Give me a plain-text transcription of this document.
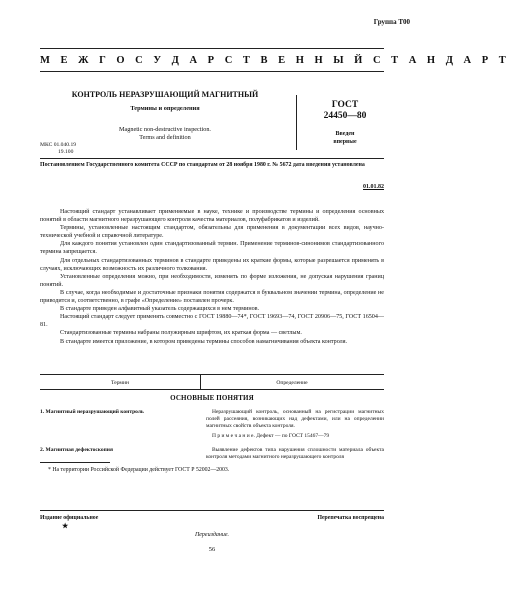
Группа Т00
М Е Ж Г О С У Д А Р С Т В Е Н Н Ы Й С Т А Н Д А Р Т
КОНТРОЛЬ НЕРАЗРУШАЮЩИЙ МАГНИТНЫЙ
Термины и определения
Magnetic non-destructive inspection.
Terms and definition
ГОСТ
24450—80
Введен
впервые
МКС 01.040.19
19.100
Постановлением Государственного комитета СССР по стандартам от 28 ноября 1980 г. № 5672 дата введения установлена
01.01.82

Настоящий стандарт устанавливает применяемые в науке, технике и производстве термины и определения основных понятий в области магнитного неразрушающего контроля качества материалов, полуфабрикатов и изделий.

Термины, установленные настоящим стандартом, обязательны для применения в документации всех видов, научно-технической учебной и справочной литературе.

Для каждого понятия установлен один стандартизованный термин. Применение терминов-синонимов стандартизованного термина запрещается.

Для отдельных стандартизованных терминов в стандарте приведены их краткие формы, которые разрешается применять в случаях, исключающих возможность их различного толкования.

Установленные определения можно, при необходимости, изменять по форме изложения, не допуская нарушения границ понятий.

В случае, когда необходимые и достаточные признаки понятия содержатся в буквальном значении термина, определение не приводится и, соответственно, в графе «Определение» поставлен прочерк.

В стандарте приведен алфавитный указатель содержащихся в нем терминов.

Настоящий стандарт следует применять совместно с ГОСТ 19880—74*, ГОСТ 19693—74, ГОСТ 20906—75, ГОСТ 16504—81.

Стандартизованные термины набраны полужирным шрифтом, их краткая форма — светлым.

В стандарте имеется приложение, в котором приведены термины способов намагничивания объекта контроля.

Термин	Определение
ОСНОВНЫЕ ПОНЯТИЯ
1. Магнитный неразрушающий контроль	Неразрушающий контроль, основанный на регистрации магнитных полей рассеяния, возникающих над дефектами, или на определении магнитных свойств объекта контроля.

П р и м е ч а н и е. Дефект — по ГОСТ 15467—79

2. Магнитная дефектоскопия	Выявление дефектов типа нарушения сплошности материала объекта контроля методами магнитного неразрушающего контроля

* На территории Российской Федерации действует ГОСТ Р 52002—2003.
Издание официальное
★
Перепечатка воспрещена
Переиздание.
56
